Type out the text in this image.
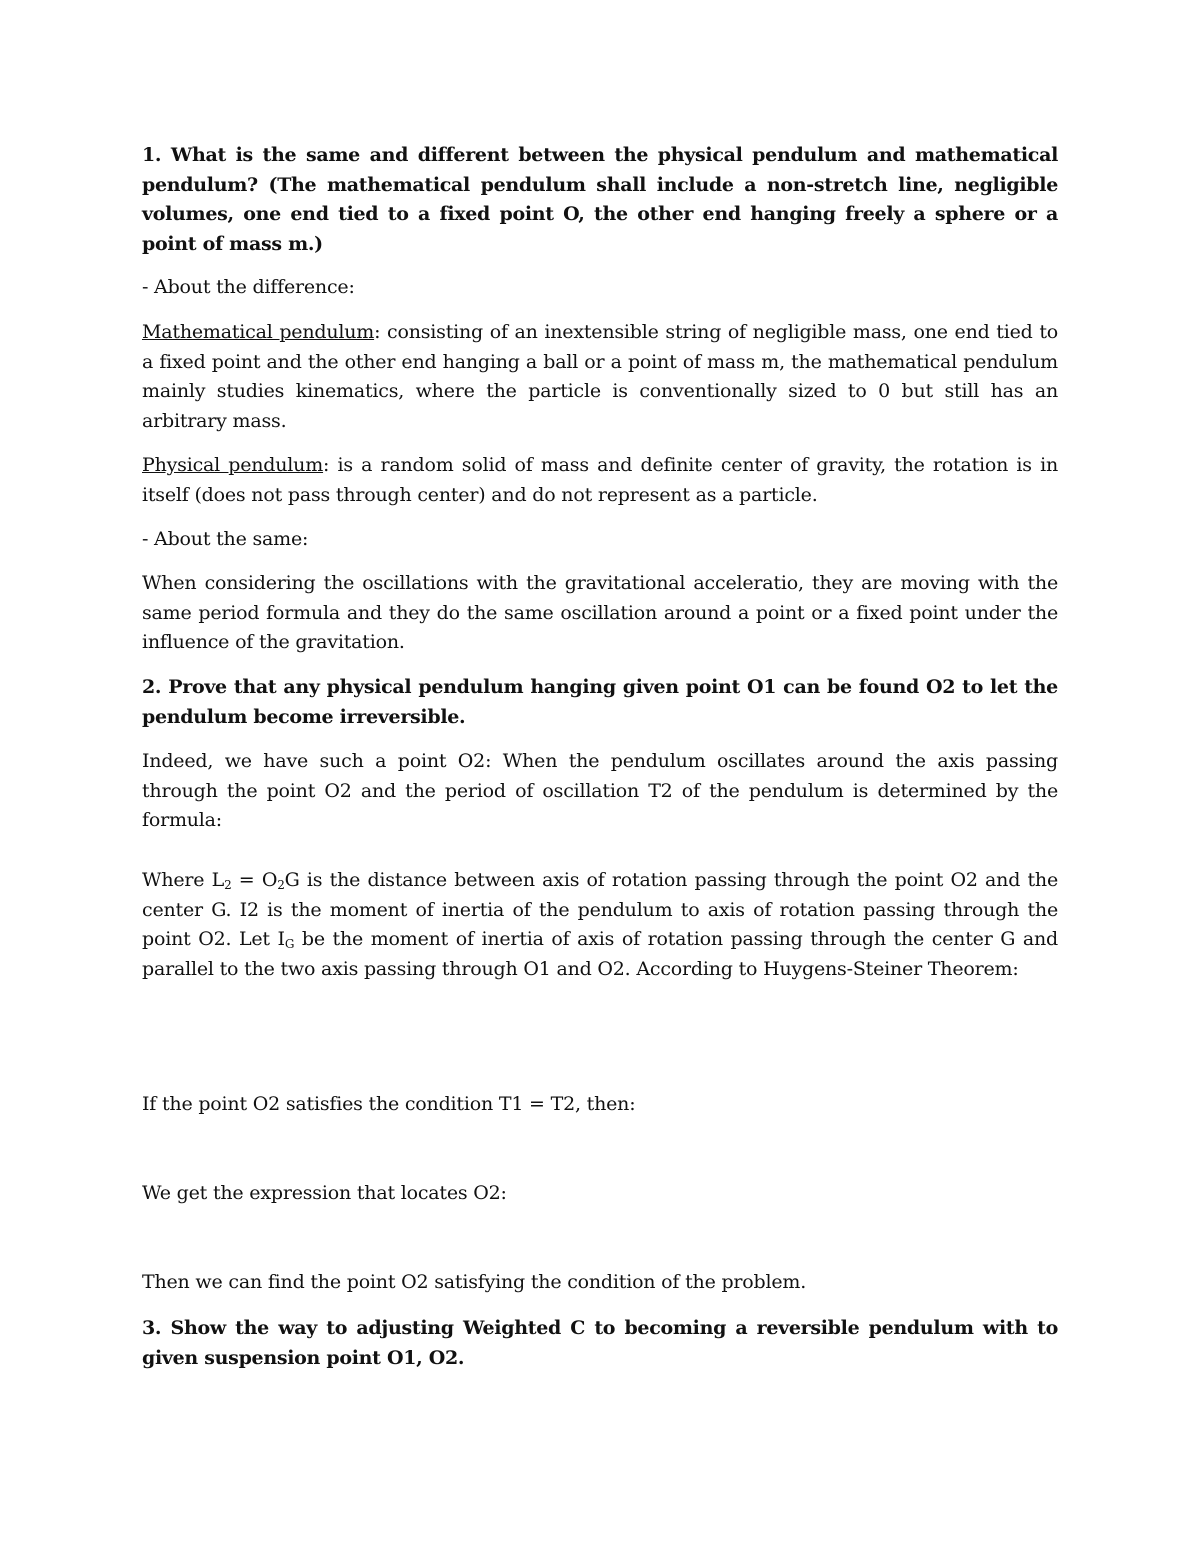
1. What is the same and different between the physical pendulum and mathematical pendulum? (The mathematical pendulum shall include a non-stretch line, negligible volumes, one end tied to a fixed point O, the other end hanging freely a sphere or a point of mass m.)

- About the difference:

Mathematical pendulum: consisting of an inextensible string of negligible mass, one end tied to a fixed point and the other end hanging a ball or a point of mass m, the mathematical pendulum mainly studies kinematics, where the particle is conventionally sized to 0 but still has an arbitrary mass.

Physical pendulum: is a random solid of mass and definite center of gravity, the rotation is in itself (does not pass through center) and do not represent as a particle.

- About the same:

When considering the oscillations with the gravitational acceleratio, they are moving with the same period formula and they do the same oscillation around a point or a fixed point under the influence of the gravitation.

2. Prove that any physical pendulum hanging given point O1 can be found O2 to let the pendulum become irreversible.

Indeed, we have such a point O2: When the pendulum oscillates around the axis passing through the point O2 and the period of oscillation T2 of the pendulum is determined by the formula:

Where $L_2 = O_2G$ is the distance between axis of rotation passing through the point O2 and the center G. I2 is the moment of inertia of the pendulum to axis of rotation passing through the point O2. Let $I_G$ be the moment of inertia of axis of rotation passing through the center G and parallel to the two axis passing through O1 and O2. According to Huygens-Steiner Theorem:

If the point O2 satisfies the condition T1 = T2, then:

We get the expression that locates O2:

Then we can find the point O2 satisfying the condition of the problem.

3. Show the way to adjusting Weighted C to becoming a reversible pendulum with to given suspension point O1, O2.
